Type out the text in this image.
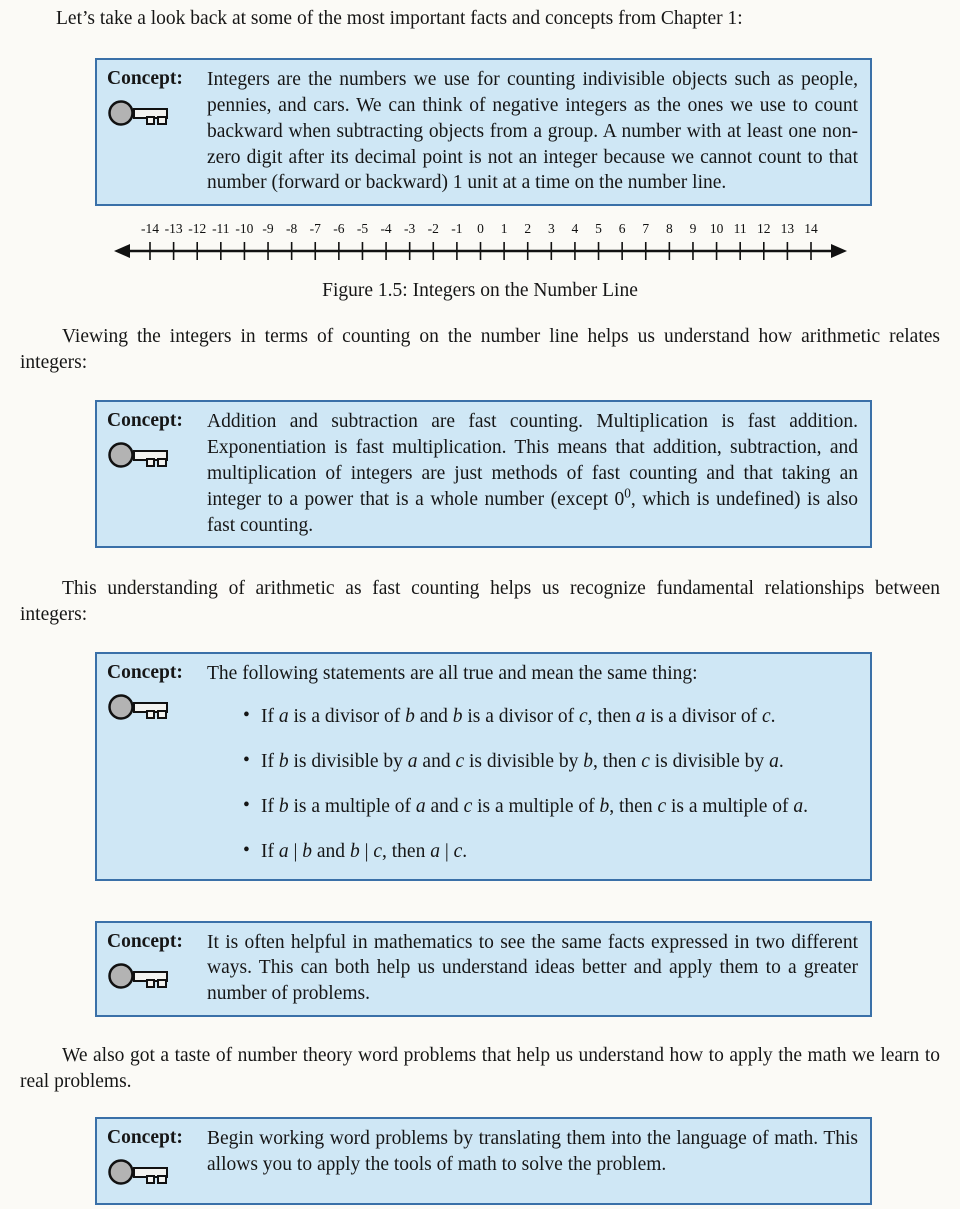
Let’s take a look back at some of the most important facts and concepts from Chapter 1:

Concept:	Integers are the numbers we use for counting indivisible objects such as people, pennies, and cars. We can think of negative integers as the ones we use to count backward when subtracting objects from a group. A number with at least one non-zero digit after its decimal point is not an integer because we cannot count to that number (forward or backward) 1 unit at a time on the number line.
-14 -13 -12 -11 -10 -9 -8 -7 -6 -5 -4 -3 -2 -1 0 1 2 3 4 5 6 7 8 9 10 11 12 13 14
Figure 1.5: Integers on the Number Line

Viewing the integers in terms of counting on the number line helps us understand how arithmetic relates integers:

Concept:	Addition and subtraction are fast counting. Multiplication is fast addition. Exponentiation is fast multiplication. This means that addition, subtraction, and multiplication of integers are just methods of fast counting and that taking an integer to a power that is a whole number (except $0^0$, which is undefined) is also fast counting.

This understanding of arithmetic as fast counting helps us recognize fundamental relationships between integers:

Concept:	The following statements are all true and mean the same thing:
• If a is a divisor of b and b is a divisor of c, then a is a divisor of c.
• If b is divisible by a and c is divisible by b, then c is divisible by a.
• If b is a multiple of a and c is a multiple of b, then c is a multiple of a.
• If a | b and b | c, then a | c.
Concept:	It is often helpful in mathematics to see the same facts expressed in two different ways. This can both help us understand ideas better and apply them to a greater number of problems.

We also got a taste of number theory word problems that help us understand how to apply the math we learn to real problems.

Concept:	Begin working word problems by translating them into the language of math. This allows you to apply the tools of math to solve the problem.
